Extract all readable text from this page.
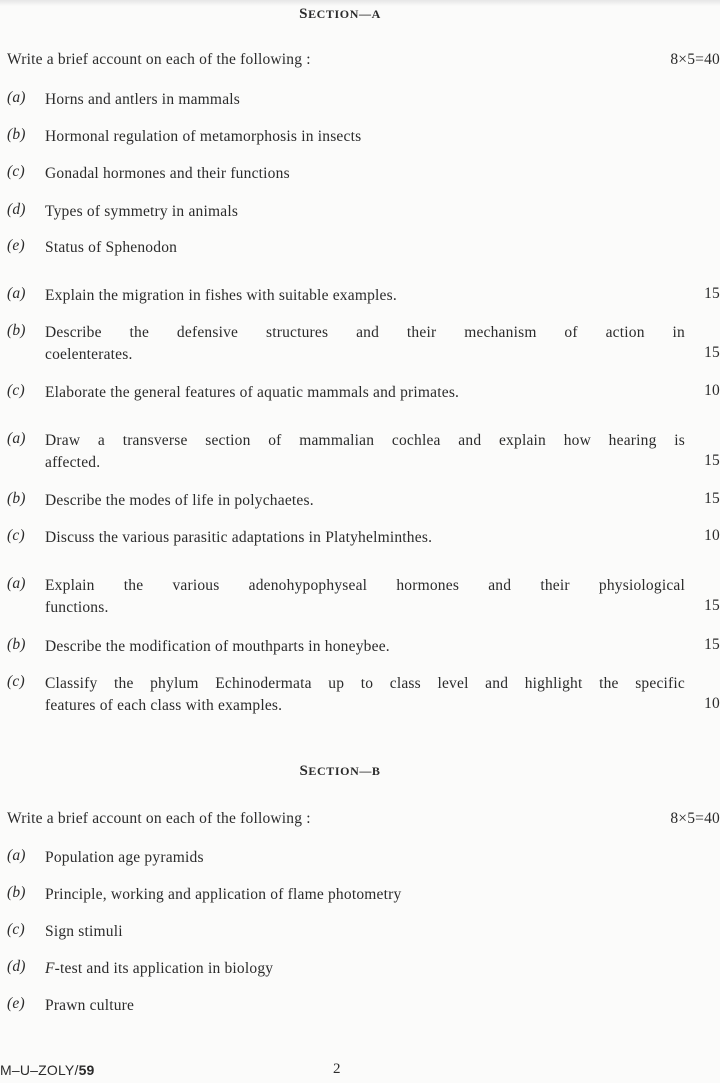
SECTION—A
Write a brief account on each of the following :	8×5=40
(a) Horns and antlers in mammals
(b) Hormonal regulation of metamorphosis in insects
(c) Gonadal hormones and their functions
(d) Types of symmetry in animals
(e) Status of Sphenodon
(a) Explain the migration in fishes with suitable examples.	15
(b) Describe the defensive structures and their mechanism of action in
coelenterates.	15
(c) Elaborate the general features of aquatic mammals and primates.	10
(a) Draw a transverse section of mammalian cochlea and explain how hearing is
affected.	15
(b) Describe the modes of life in polychaetes.	15
(c) Discuss the various parasitic adaptations in Platyhelminthes.	10
(a) Explain the various adenohypophyseal hormones and their physiological
functions.	15
(b) Describe the modification of mouthparts in honeybee.	15
(c) Classify the phylum Echinodermata up to class level and highlight the specific
features of each class with examples.	10
SECTION—B
Write a brief account on each of the following :	8×5=40
(a) Population age pyramids
(b) Principle, working and application of flame photometry
(c) Sign stimuli
(d) F-test and its application in biology
(e) Prawn culture
M–U–ZOLY/59	2
